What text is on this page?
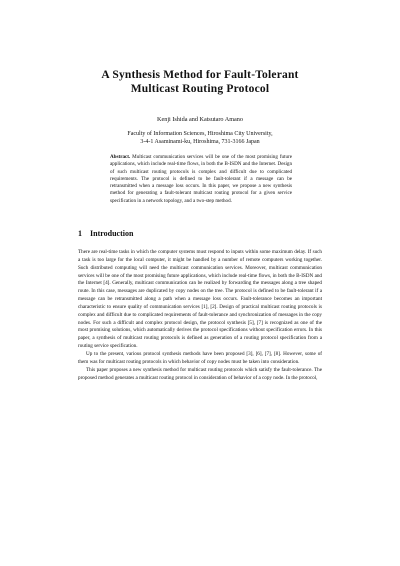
A Synthesis Method for Fault-Tolerant
Multicast Routing Protocol
Kenji Ishida and Katsutaro Amano
Faculty of Information Sciences, Hiroshima City University,
3-4-1 Asaminami-ku, Hiroshima, 731-3166 Japan
Abstract. Multicast communication services will be one of the most promising future applications, which include real-time flows, in both the B-ISDN and the Internet. Design of such multicast routing protocols is complex and difficult due to complicated requirements. The protocol is defined to be fault-tolerant if a message can be retransmitted when a message loss occurs. In this paper, we propose a new synthesis method for generating a fault-tolerant multicast routing protocol for a given service specification in a network topology, and a two-step method.
1 Introduction

There are real-time tasks in which the computer systems must respond to inputs within some maximum delay. If such a task is too large for the local computer, it might be handled by a number of remote computers working together. Such distributed computing will need the multicast communication services. Moreover, multicast communication services will be one of the most promising future applications, which include real-time flows, in both the B-ISDN and the Internet [4]. Generally, multicast communication can be realized by forwarding the messages along a tree shaped route. In this case, messages are duplicated by copy nodes on the tree. The protocol is defined to be fault-tolerant if a message can be retransmitted along a path when a message loss occurs. Fault-tolerance becomes an important characteristic to ensure quality of communication services [1], [2]. Design of practical multicast routing protocols is complex and difficult due to complicated requirements of fault-tolerance and synchronization of messages in the copy nodes. For such a difficult and complex protocol design, the protocol synthesis [5], [7] is recognized as one of the most promising solutions, which automatically derives the protocol specifications without specification errors. In this paper, a synthesis of multicast routing protocols is defined as generation of a routing protocol specification from a routing service specification.

Up to the present, various protocol synthesis methods have been proposed [3], [6], [7], [8]. However, some of them was for multicast routing protocols in which behavior of copy nodes must be taken into consideration.

This paper proposes a new synthesis method for multicast routing protocols which satisfy the fault-tolerance. The proposed method generates a multicast routing protocol in consideration of behavior of a copy node. In the protocol,
